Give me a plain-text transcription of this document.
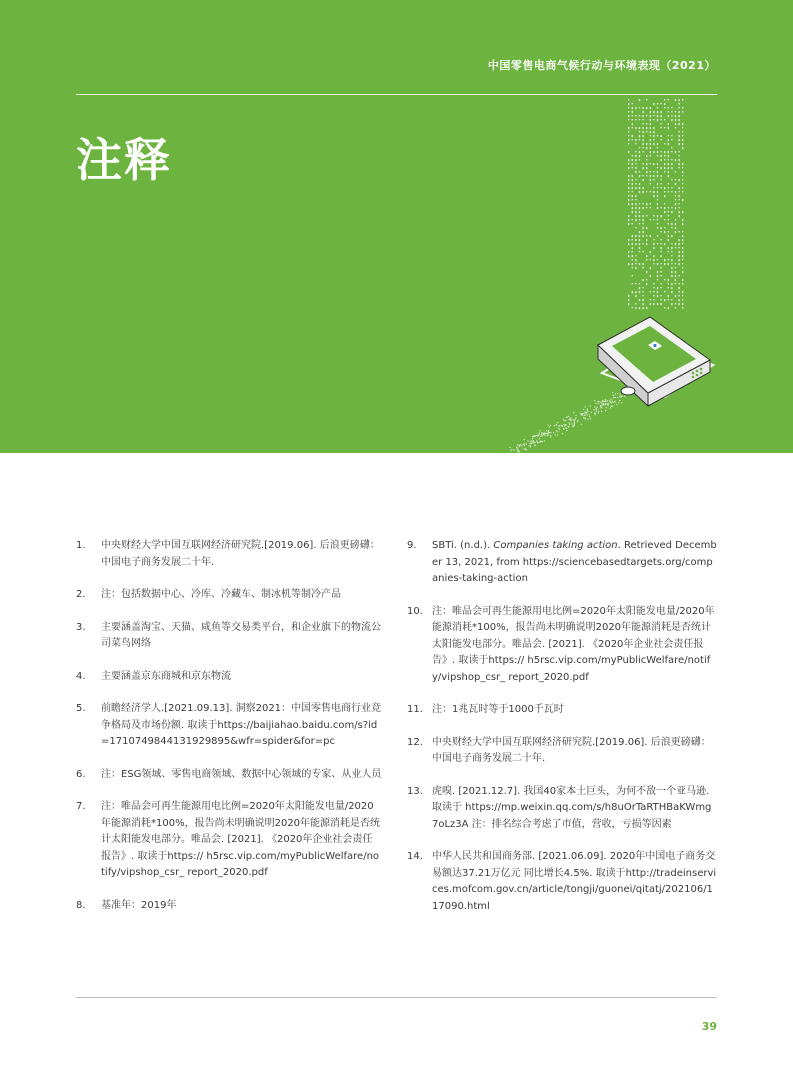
中国零售电商气候行动与环境表现（2021）
注释
1. 中央财经大学中国互联网经济研究院.[2019.06]. 后浪更磅礴：中国电子商务发展二十年.
2. 注：包括数据中心、冷库、冷藏车、制冰机等制冷产品
3. 主要涵盖淘宝、天猫、咸鱼等交易类平台，和企业旗下的物流公司菜鸟网络
4. 主要涵盖京东商城和京东物流
5. 前瞻经济学人.[2021.09.13]. 洞察2021：中国零售电商行业竞争格局及市场份额. 取读于https://baijiahao.baidu.com/s?id=1710749844131929895&wfr=spider&for=pc
6. 注：ESG领域、零售电商领域、数据中心领域的专家、从业人员
7. 注：唯品会可再生能源用电比例=2020年太阳能发电量/2020年能源消耗*100%，报告尚未明确说明2020年能源消耗是否统计太阳能发电部分。唯品会. [2021]. 《2020年企业社会责任报告》. 取读于https:// h5rsc.vip.com/myPublicWelfare/notify/vipshop_csr_ report_2020.pdf
8. 基准年：2019年
9. SBTi. (n.d.). Companies taking action. Retrieved December 13, 2021, from https://sciencebasedtargets.org/companies-taking-action
10. 注：唯品会可再生能源用电比例=2020年太阳能发电量/2020年能源消耗*100%，报告尚未明确说明2020年能源消耗是否统计太阳能发电部分。唯品会. [2021]. 《2020年企业社会责任报告》. 取读于https:// h5rsc.vip.com/myPublicWelfare/notify/vipshop_csr_ report_2020.pdf
11. 注：1兆瓦时等于1000千瓦时
12. 中央财经大学中国互联网经济研究院.[2019.06]. 后浪更磅礴：中国电子商务发展二十年.
13. 虎嗅. [2021.12.7]. 我国40家本土巨头，为何不敌一个亚马逊. 取读于 https://mp.weixin.qq.com/s/h8uOrTaRTHBaKWmg7oLz3A 注：排名综合考虑了市值，营收，亏损等因素
14. 中华人民共和国商务部. [2021.06.09]. 2020年中国电子商务交易额达37.21万亿元 同比增长4.5%. 取读于http://tradeinservices.mofcom.gov.cn/article/tongji/guonei/qitatj/202106/117090.html
39
